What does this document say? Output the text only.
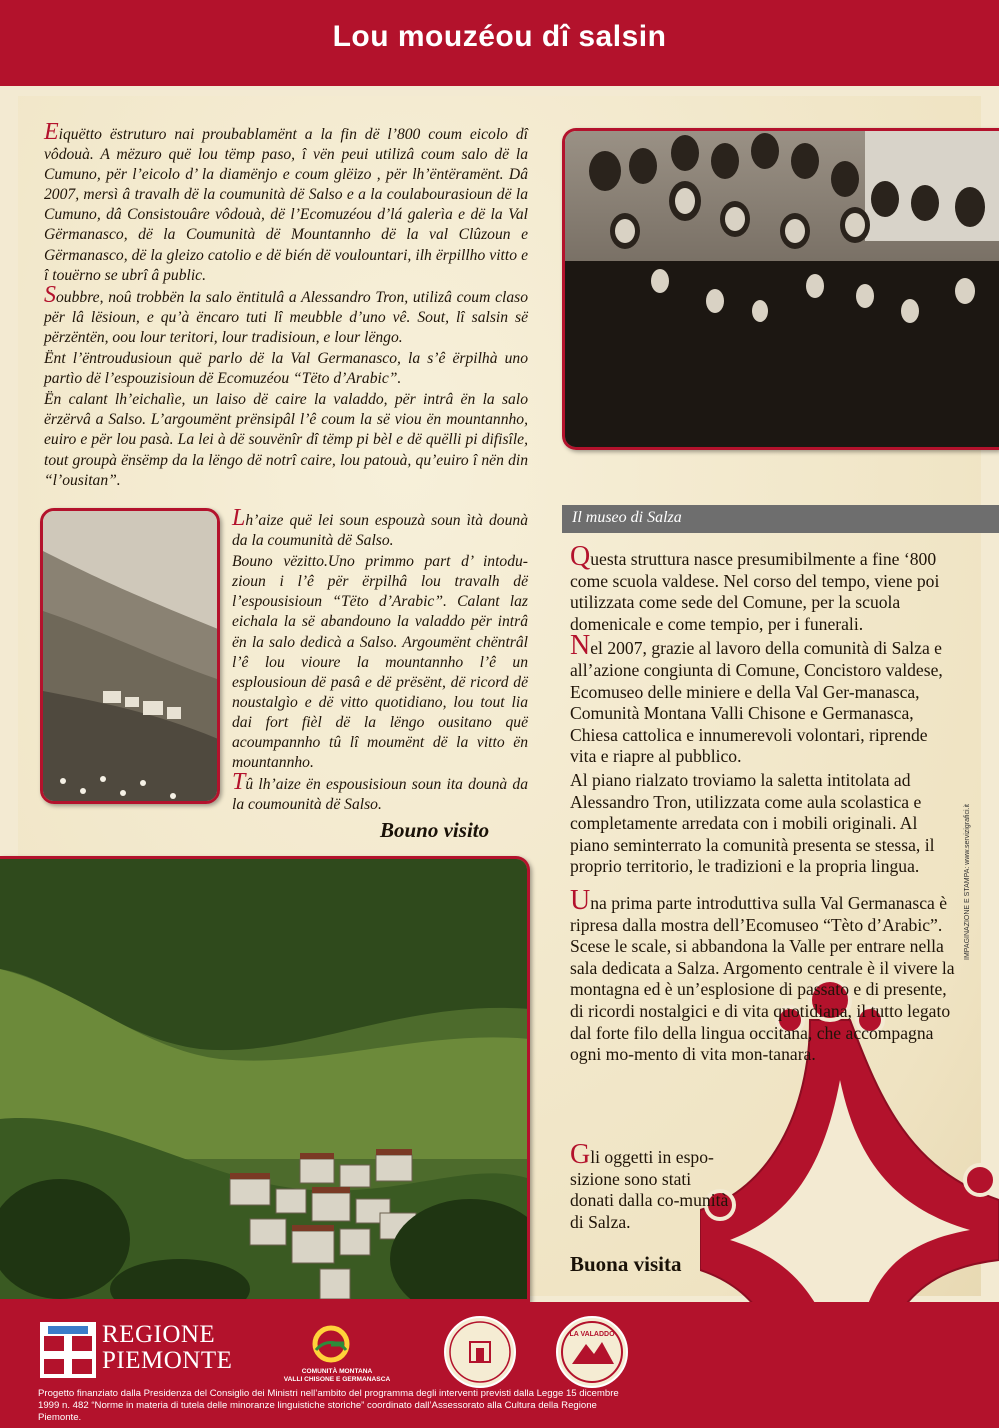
Lou mouzéou dî salsin

Eiquëtto ëstruturo nai proubablamënt a la fin dë l’800 coum eicolo dî vôdouà. A mëzuro quë lou tëmp paso, î vën peui utilizâ coum salo dë la Cumuno, për l’eicolo d’ la diamënjo e coum glëizo , për lh’ëntëramënt. Dâ 2007, mersì â travalh dë la coumunità dë Salso e a la coulabourasioun dë la Cumuno, dâ Consistouâre vôdouà, dë l’Ecomuzéou d’lá galerìa e dë la Val Gërmanasco, dë la Coumunità dë Mountannho dë la val Clûzoun e Gërmanasco, dë la gleizo catolio e dë bién dë voulountari, ilh ërpillho vitto e î touërno se ubrî â public.

Soubbre, noû trobbën la salo ëntitulâ a Alessandro Tron, utilizâ coum claso për lâ lësioun, e qu’à ëncaro tuti lî meubble d’uno vê. Sout, lî salsin së përzëntën, oou lour teritori, lour tradisioun, e lour lëngo.

Ënt l’ëntroudusioun quë parlo dë la Val Germanasco, la s’ê ërpilhà uno partìo dë l’espouzisioun dë Ecomuzéou “Tëto d’Arabic”.

Ën calant lh’eichalìe, un laiso dë caire la valaddo, për intrâ ën la salo ërzërvâ a Salso. L’argoumënt prënsipâl l’ê coum la së viou ën mountannho, euiro e për lou pasà. La lei à dë souvënîr dî tëmp pi bèl e dë quëlli pi difisîle, tout groupà ënsëmp da la lëngo dë notrî caire, lou patouà, qu’euiro î nën din “l’ousitan”.

Lh’aize quë lei soun espouzà soun ìtà dounà da la coumunità dë Salso.

Bouno vëzitto.Uno primmo part d’ intodu-zioun i l’ê për ërpilhâ lou travalh dë l’espousisioun “Tëto d’Arabic”. Calant laz eichala la së abandouno la valaddo për intrâ ën la salo dedicà a Salso. Argoumënt chëntrâl l’ê lou vioure la mountannho l’ê un esplousioun dë pasâ e dë prësënt, dë ricord dë noustalgìo e dë vitto quotidiano, lou tout lia dai fort fièl dë la lëngo ousitano quë acoumpannho tû lî moumënt dë la vitto ën mountannho.

Tû lh’aize ën espousisioun soun ita dounà da la coumounità dë Salso.

Bouno visito
Il museo di Salza

Questa struttura nasce presumibilmente a fine ‘800 come scuola valdese. Nel corso del tempo, viene poi utilizzata come sede del Comune, per la scuola domenicale e come tempio, per i funerali.

Nel 2007, grazie al lavoro della comunità di Salza e all’azione congiunta di Comune, Concistoro valdese, Ecomuseo delle miniere e della Val Ger-manasca, Comunità Montana Valli Chisone e Germanasca, Chiesa cattolica e innumerevoli volontari, riprende vita e riapre al pubblico.

Al piano rialzato troviamo la saletta intitolata ad Alessandro Tron, utilizzata come aula scolastica e completamente arredata con i mobili originali. Al piano seminterrato la comunità presenta se stessa, il proprio territorio, le tradizioni e la propria lingua.

Una prima parte introduttiva sulla Val Germanasca è ripresa dalla mostra dell’Ecomuseo “Tèto d’Arabic”. Scese le scale, si abbandona la Valle per entrare nella sala dedicata a Salza. Argomento centrale è il vivere la montagna ed è un’esplosione di passato e di presente, di ricordi nostalgici e di vita quotidiana, il tutto legato dal forte filo della lingua occitana, che accompagna ogni mo-mento di vita mon-tanara.

Gli oggetti in espo-sizione sono stati donati dalla co-munità di Salza.

Buona visita
IMPAGINAZIONE E STAMPA: www.servizigrafici.it
REGIONE
PIEMONTE	COMUNITÀ MONTANA
VALLI CHISONE E GERMANASCA
LA VALADDO
Progetto finanziato dalla Presidenza del Consiglio dei Ministri nell’ambito del programma degli interventi previsti dalla Legge 15 dicembre 1999 n. 482 “Norme in materia di tutela delle minoranze linguistiche storiche” coordinato dall’Assessorato alla Cultura della Regione Piemonte.
